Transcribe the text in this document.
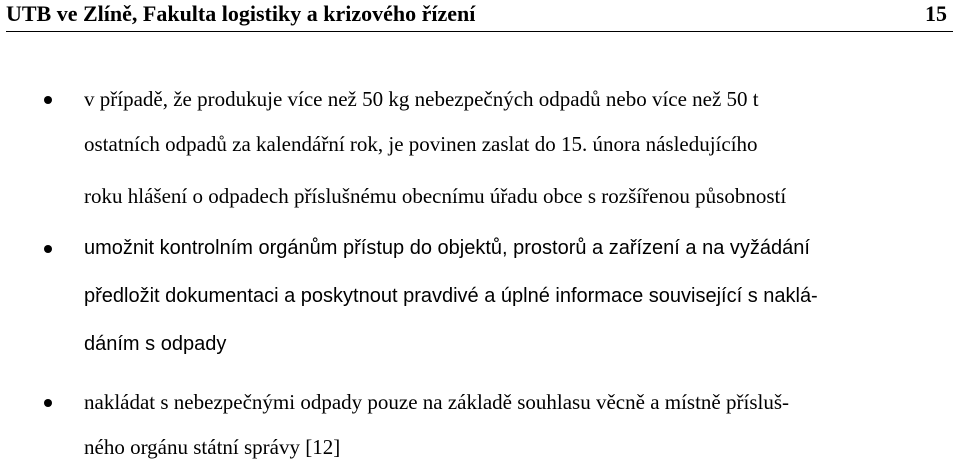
UTB ve Zlíně, Fakulta logistiky a krizového řízení	15
v případě, že produkuje více než 50 kg nebezpečných odpadů nebo více než 50 t
ostatních odpadů za kalendářní rok, je povinen zaslat do 15. února následujícího
roku hlášení o odpadech příslušnému obecnímu úřadu obce s rozšířenou působností
umožnit kontrolním orgánům přístup do objektů, prostorů a zařízení a na vyžádání
předložit dokumentaci a poskytnout pravdivé a úplné informace související s naklá-
dáním s odpady
nakládat s nebezpečnými odpady pouze na základě souhlasu věcně a místně přísluš-
ného orgánu státní správy [12]
